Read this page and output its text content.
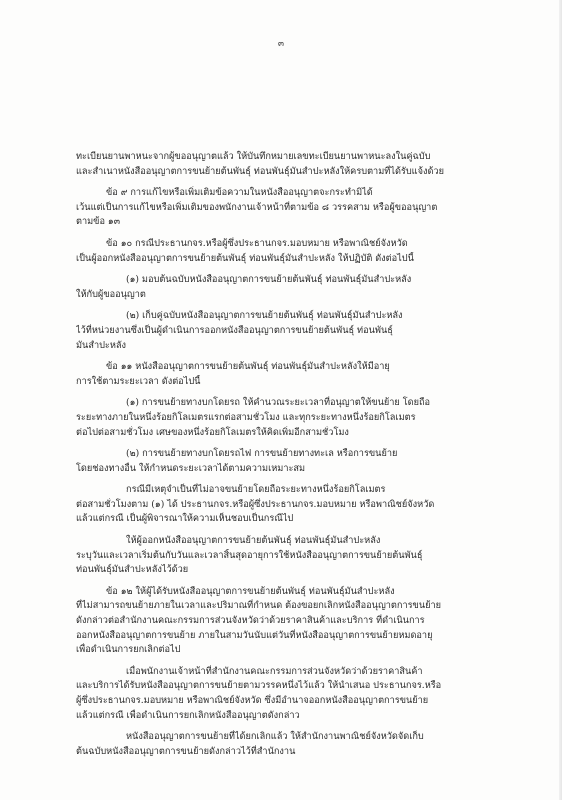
๓
ทะเบียนยานพาหนะจากผู้ขออนุญาตแล้ว ให้บันทึกหมายเลขทะเบียนยานพาหนะลงในคู่ฉบับ
และสำเนาหนังสืออนุญาตการขนย้ายต้นพันธุ์ ท่อนพันธุ์มันสำปะหลังให้ครบตามที่ได้รับแจ้งด้วย
ข้อ ๙ การแก้ไขหรือเพิ่มเติมข้อความในหนังสืออนุญาตจะกระทำมิได้
เว้นแต่เป็นการแก้ไขหรือเพิ่มเติมของพนักงานเจ้าหน้าที่ตามข้อ ๘ วรรคสาม หรือผู้ขออนุญาต
ตามข้อ ๑๓
ข้อ ๑๐ กรณีประธานกจร.หรือผู้ซึ่งประธานกจร.มอบหมาย หรือพาณิชย์จังหวัด
เป็นผู้ออกหนังสืออนุญาตการขนย้ายต้นพันธุ์ ท่อนพันธุ์มันสำปะหลัง ให้ปฏิบัติ ดังต่อไปนี้
(๑) มอบต้นฉบับหนังสืออนุญาตการขนย้ายต้นพันธุ์ ท่อนพันธุ์มันสำปะหลัง
ให้กับผู้ขออนุญาต
(๒) เก็บคู่ฉบับหนังสืออนุญาตการขนย้ายต้นพันธุ์ ท่อนพันธุ์มันสำปะหลัง
ไว้ที่หน่วยงานซึ่งเป็นผู้ดำเนินการออกหนังสืออนุญาตการขนย้ายต้นพันธุ์ ท่อนพันธุ์
มันสำปะหลัง
ข้อ ๑๑ หนังสืออนุญาตการขนย้ายต้นพันธุ์ ท่อนพันธุ์มันสำปะหลังให้มีอายุ
การใช้ตามระยะเวลา ดังต่อไปนี้
(๑) การขนย้ายทางบกโดยรถ ให้คำนวณระยะเวลาที่อนุญาตให้ขนย้าย โดยถือ
ระยะทางภายในหนึ่งร้อยกิโลเมตรแรกต่อสามชั่วโมง และทุกระยะทางหนึ่งร้อยกิโลเมตร
ต่อไปต่อสามชั่วโมง เศษของหนึ่งร้อยกิโลเมตรให้คิดเพิ่มอีกสามชั่วโมง
(๒) การขนย้ายทางบกโดยรถไฟ การขนย้ายทางทะเล หรือการขนย้าย
โดยช่องทางอื่น ให้กำหนดระยะเวลาได้ตามความเหมาะสม
กรณีมีเหตุจำเป็นที่ไม่อาจขนย้ายโดยถือระยะทางหนึ่งร้อยกิโลเมตร
ต่อสามชั่วโมงตาม (๑) ได้ ประธานกจร.หรือผู้ซึ่งประธานกจร.มอบหมาย หรือพาณิชย์จังหวัด
แล้วแต่กรณี เป็นผู้พิจารณาให้ความเห็นชอบเป็นกรณีไป
ให้ผู้ออกหนังสืออนุญาตการขนย้ายต้นพันธุ์ ท่อนพันธุ์มันสำปะหลัง
ระบุวันและเวลาเริ่มต้นกับวันและเวลาสิ้นสุดอายุการใช้หนังสืออนุญาตการขนย้ายต้นพันธุ์
ท่อนพันธุ์มันสำปะหลังไว้ด้วย
ข้อ ๑๒ ให้ผู้ได้รับหนังสืออนุญาตการขนย้ายต้นพันธุ์ ท่อนพันธุ์มันสำปะหลัง
ที่ไม่สามารถขนย้ายภายในเวลาและปริมาณที่กำหนด ต้องขอยกเลิกหนังสืออนุญาตการขนย้าย
ดังกล่าวต่อสำนักงานคณะกรรมการส่วนจังหวัดว่าด้วยราคาสินค้าและบริการ ที่ดำเนินการ
ออกหนังสืออนุญาตการขนย้าย ภายในสามวันนับแต่วันที่หนังสืออนุญาตการขนย้ายหมดอายุ
เพื่อดำเนินการยกเลิกต่อไป
เมื่อพนักงานเจ้าหน้าที่สำนักงานคณะกรรมการส่วนจังหวัดว่าด้วยราคาสินค้า
และบริการได้รับหนังสืออนุญาตการขนย้ายตามวรรคหนึ่งไว้แล้ว ให้นำเสนอ ประธานกจร.หรือ
ผู้ซึ่งประธานกจร.มอบหมาย หรือพาณิชย์จังหวัด ซึ่งมีอำนาจออกหนังสืออนุญาตการขนย้าย
แล้วแต่กรณี เพื่อดำเนินการยกเลิกหนังสืออนุญาตดังกล่าว
หนังสืออนุญาตการขนย้ายที่ได้ยกเลิกแล้ว ให้สำนักงานพาณิชย์จังหวัดจัดเก็บ
ต้นฉบับหนังสืออนุญาตการขนย้ายดังกล่าวไว้ที่สำนักงาน
